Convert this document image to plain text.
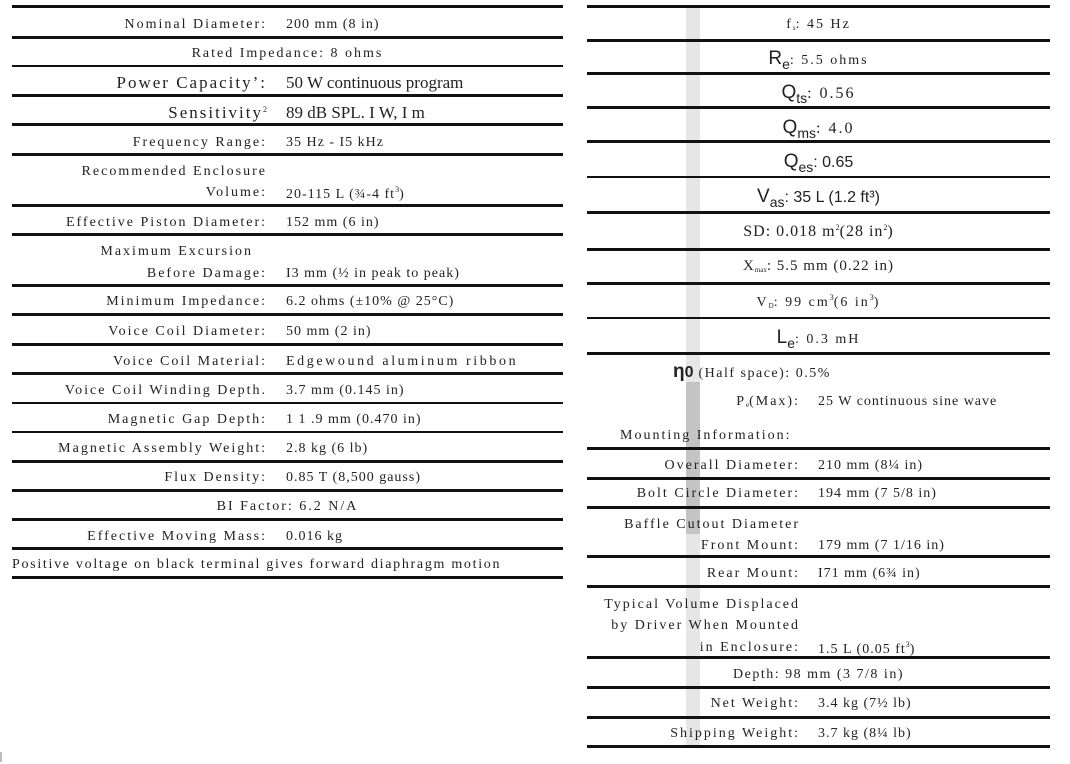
Nominal Diameter: 200 mm (8 in)
Rated Impedance: 8 ohms
Power Capacity’: 50 W continuous program
Sensitivity$^2$ 89 dB SPL. I W, I m
Frequency Range: 35 Hz - I5 kHz
Recommended Enclosure
Volume: 20-115 L (¾-4 $ft^3$)
Effective Piston Diameter: 152 mm (6 in)
Maximum Excursion
Before Damage: I3 mm (½ in peak to peak)
Minimum Impedance: 6.2 ohms (±10% @ 25°C)
Voice Coil Diameter: 50 mm (2 in)
Voice Coil Material: Edgewound aluminum ribbon
Voice Coil Winding Depth. 3.7 mm (0.145 in)
Magnetic Gap Depth: 1 1 .9 mm (0.470 in)
Magnetic Assembly Weight: 2.8 kg (6 lb)
Flux Density: 0.85 T (8,500 gauss)
BI Factor: 6.2 N/A
Effective Moving Mass: 0.016 kg
Positive voltage on black terminal gives forward diaphragm motion
fs: 45 Hz
$R_e$: 5.5 ohms
$Q_{ts}$: 0.56
$Q_{ms}$: 4.0
$Q_{es}$: 0.65
$V_{as}$: 35 L (1.2 ft³)
SD: 0.018 $m^2(28$ $in^2$)
Xmax: 5.5 mm (0.22 in)
VD: 99 $cm^3(6$ $in^3$)
$L_e$: 0.3 mH
η0 (Half space): 0.5%
Pe(Max): 25 W continuous sine wave
Mounting Information:
Overall Diameter: 210 mm (8¼ in)
Bolt Circle Diameter: 194 mm (7 5/8 in)
Baffle Cutout Diameter
Front Mount: 179 mm (7 1/16 in)
Rear Mount: I71 mm (6¾ in)
Typical Volume Displaced
by Driver When Mounted
in Enclosure: 1.5 L (0.05 $ft^3$)
Depth: 98 mm (3 7/8 in)
Net Weight: 3.4 kg (7½ lb)
Shipping Weight: 3.7 kg (8¼ lb)
